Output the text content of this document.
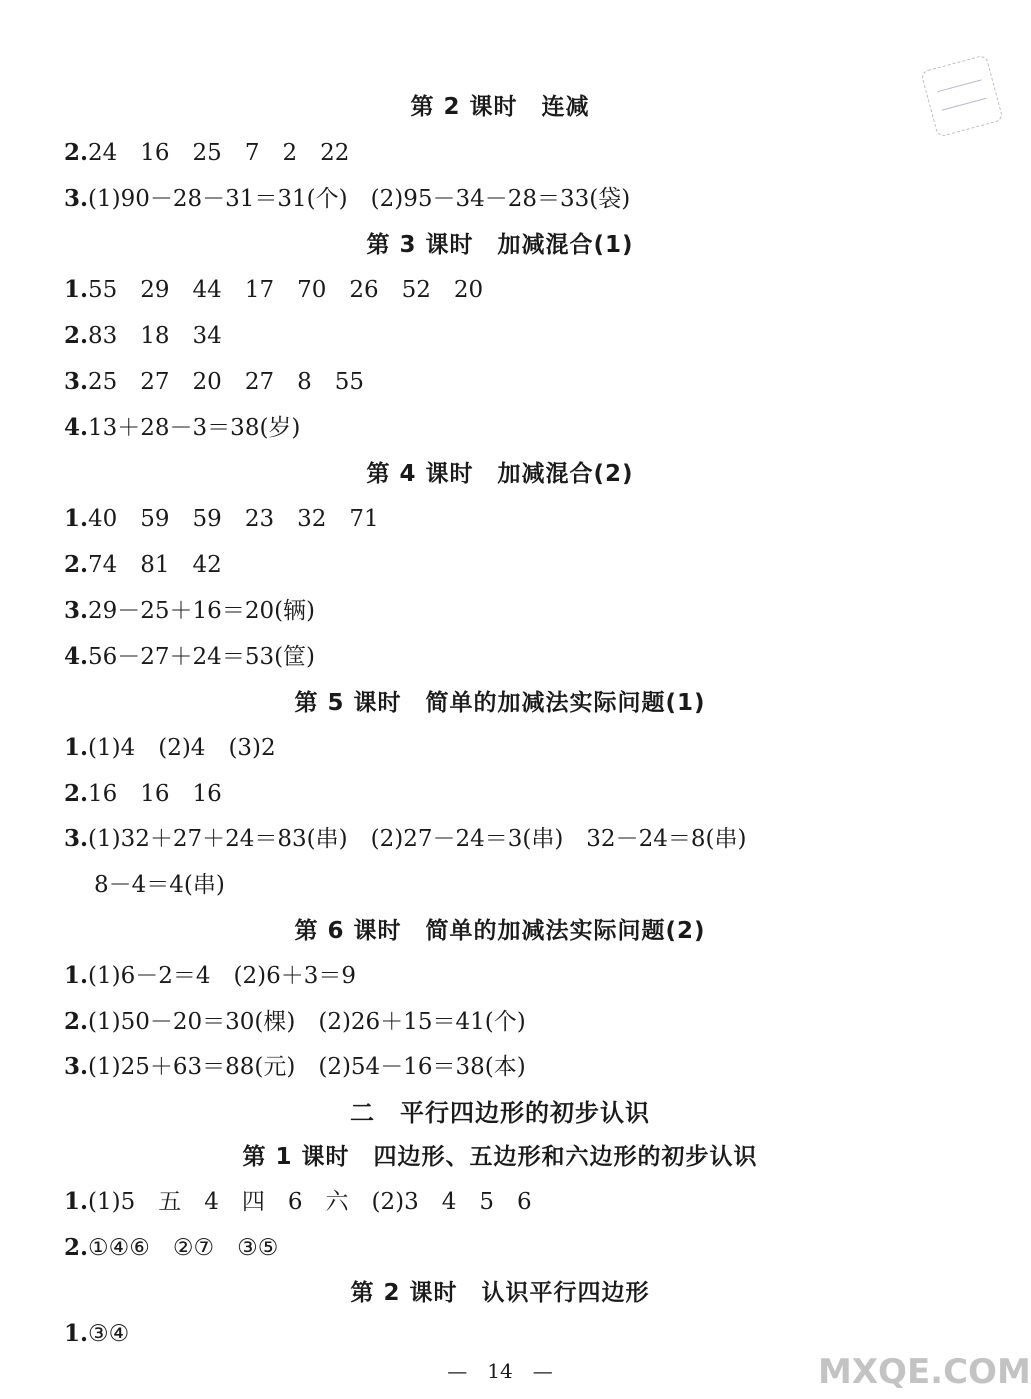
第 2 课时　连减
2.24　16　25　7　2　22
3.(1)90－28－31＝31(个)　(2)95－34－28＝33(袋)
第 3 课时　加减混合(1)
1.55　29　44　17　70　26　52　20
2.83　18　34
3.25　27　20　27　8　55
4.13＋28－3＝38(岁)
第 4 课时　加减混合(2)
1.40　59　59　23　32　71
2.74　81　42
3.29－25＋16＝20(辆)
4.56－27＋24＝53(筐)
第 5 课时　简单的加减法实际问题(1)
1.(1)4　(2)4　(3)2
2.16　16　16
3.(1)32＋27＋24＝83(串)　(2)27－24＝3(串)　32－24＝8(串)
8－4＝4(串)
第 6 课时　简单的加减法实际问题(2)
1.(1)6－2＝4　(2)6＋3＝9
2.(1)50－20＝30(棵)　(2)26＋15＝41(个)
3.(1)25＋63＝88(元)　(2)54－16＝38(本)
二　平行四边形的初步认识
第 1 课时　四边形、五边形和六边形的初步认识
1.(1)5　五　4　四　6　六　(2)3　4　5　6
2.①④⑥　②⑦　③⑤
第 2 课时　认识平行四边形
1.③④
—　14　—	MXQE.COM
